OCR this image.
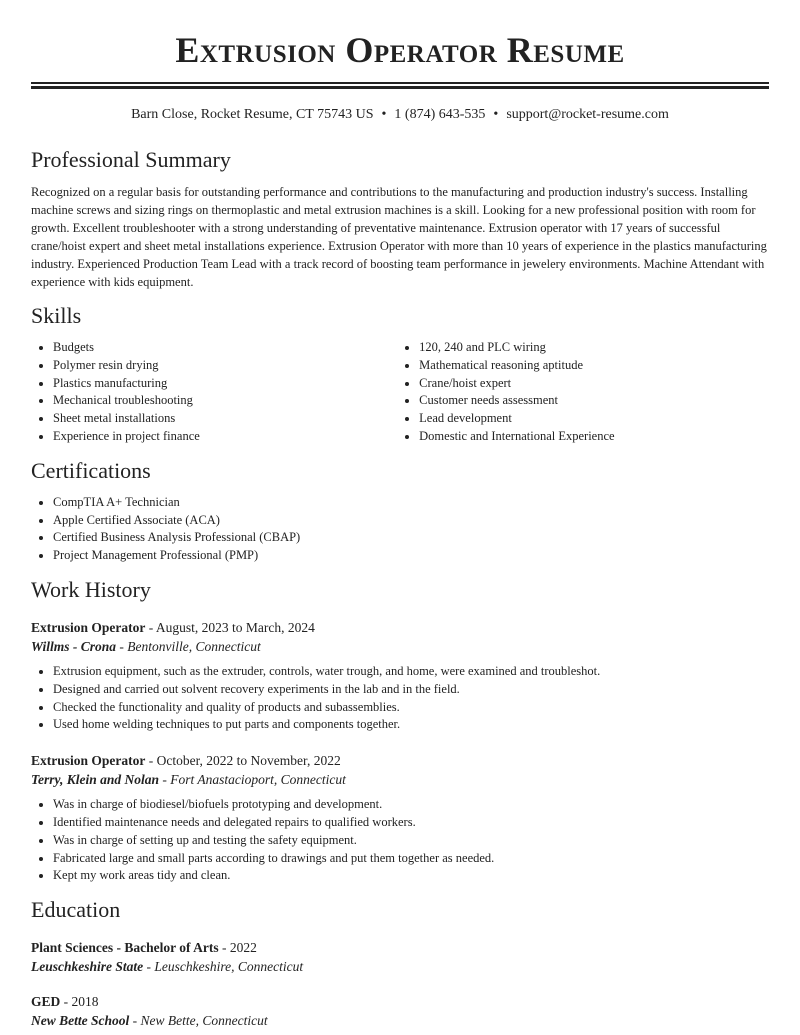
Extrusion Operator Resume
Barn Close, Rocket Resume, CT 75743 US • 1 (874) 643-535 • support@rocket-resume.com
Professional Summary

Recognized on a regular basis for outstanding performance and contributions to the manufacturing and production industry's success. Installing machine screws and sizing rings on thermoplastic and metal extrusion machines is a skill. Looking for a new professional position with room for growth. Excellent troubleshooter with a strong understanding of preventative maintenance. Extrusion operator with 17 years of successful crane/hoist expert and sheet metal installations experience. Extrusion Operator with more than 10 years of experience in the plastics manufacturing industry. Experienced Production Team Lead with a track record of boosting team performance in jewelery environments. Machine Attendant with experience with kids equipment.

Skills
• Budgets
• Polymer resin drying
• Plastics manufacturing
• Mechanical troubleshooting
• Sheet metal installations
• Experience in project finance
• 120, 240 and PLC wiring
• Mathematical reasoning aptitude
• Crane/hoist expert
• Customer needs assessment
• Lead development
• Domestic and International Experience
Certifications
• CompTIA A+ Technician
• Apple Certified Associate (ACA)
• Certified Business Analysis Professional (CBAP)
• Project Management Professional (PMP)
Work History
Extrusion Operator - August, 2023 to March, 2024
Willms - Crona - Bentonville, Connecticut
• Extrusion equipment, such as the extruder, controls, water trough, and home, were examined and troubleshot.
• Designed and carried out solvent recovery experiments in the lab and in the field.
• Checked the functionality and quality of products and subassemblies.
• Used home welding techniques to put parts and components together.
Extrusion Operator - October, 2022 to November, 2022
Terry, Klein and Nolan - Fort Anastacioport, Connecticut
• Was in charge of biodiesel/biofuels prototyping and development.
• Identified maintenance needs and delegated repairs to qualified workers.
• Was in charge of setting up and testing the safety equipment.
• Fabricated large and small parts according to drawings and put them together as needed.
• Kept my work areas tidy and clean.
Education
Plant Sciences - Bachelor of Arts - 2022
Leuschkeshire State - Leuschkeshire, Connecticut
GED - 2018
New Bette School - New Bette, Connecticut
